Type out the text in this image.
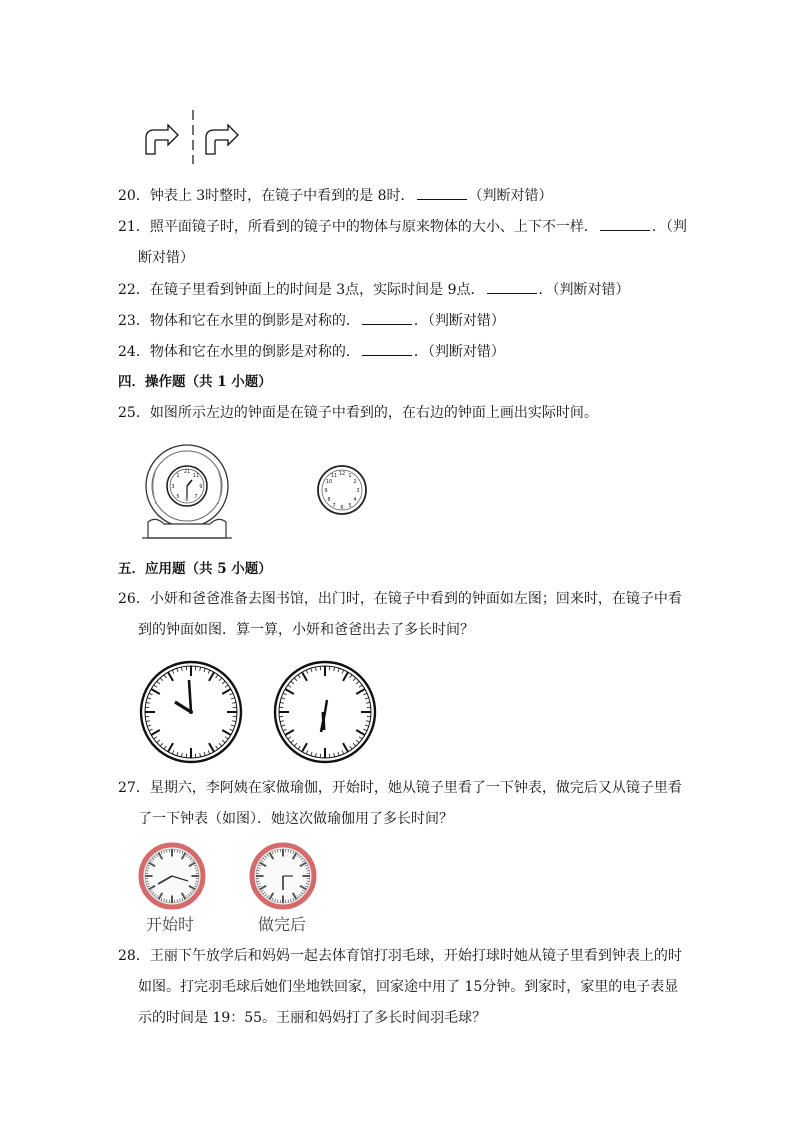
20．钟表上 3时整时，在镜子中看到的是 8时．	（判断对错）
21．照平面镜子时，所看到的镜子中的物体与原来物体的大小、上下不一样．	．（判
断对错）
22．在镜子里看到钟面上的时间是 3点，实际时间是 9点．	．（判断对错）
23．物体和它在水里的倒影是对称的．	．（判断对错）
24．物体和它在水里的倒影是对称的．	．（判断对错）
四．操作题（共 1 小题）
25．如图所示左边的钟面是在镜子中看到的，在右边的钟面上画出实际时间。
21
9
3
6
1	11
5	7
12 1
2
3
4
5
6
7
8
9
10
11
五．应用题（共 5 小题）
26．小妍和爸爸准备去图书馆，出门时，在镜子中看到的钟面如左图；回来时，在镜子中看
到的钟面如图．算一算，小妍和爸爸出去了多长时间？
27．星期六，李阿姨在家做瑜伽，开始时，她从镜子里看了一下钟表，做完后又从镜子里看
了一下钟表（如图）．她这次做瑜伽用了多长时间？
开始时	做完后
28．王丽下午放学后和妈妈一起去体育馆打羽毛球，开始打球时她从镜子里看到钟表上的时
如图。打完羽毛球后她们坐地铁回家，回家途中用了 15分钟。到家时，家里的电子表显
示的时间是 19：55。王丽和妈妈打了多长时间羽毛球？
